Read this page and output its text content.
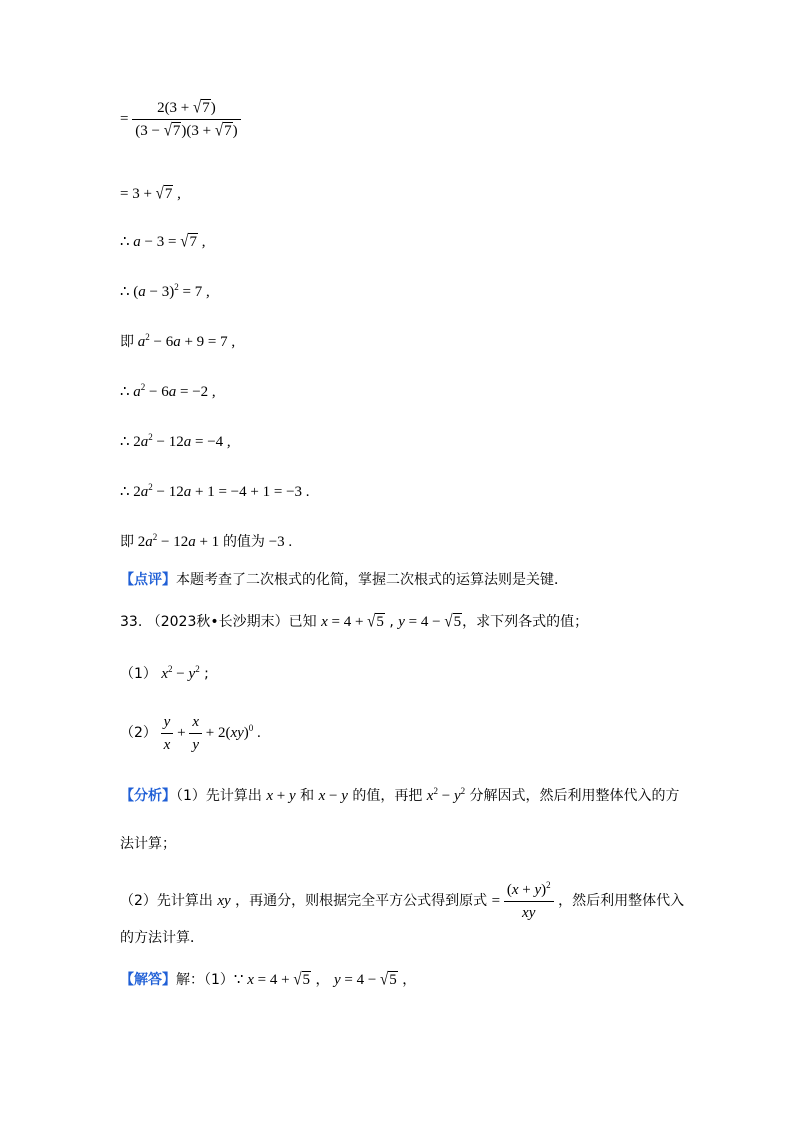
= $\frac{2(3 + √7)}{(3 - √7)(3 + √7)}$
= 3 + √7 ,
∴ a − 3 = √7 ,
∴ $(a - 3)^2 = 7$ ,
即 $a^2 - 6a + 9 = 7$ ,
∴ $a^2 - 6a = -2$ ,
∴ $2a^2 - 12a = -4$ ,
∴ $2a^2 - 12a + 1 = -4 + 1 = -3$ .
即 $2a^2 - 12a + 1$ 的值为 −3 .
【点评】本题考查了二次根式的化简，掌握二次根式的运算法则是关键．
33. （2023秋•长沙期末）已知 x = 4 + √5 , y = 4 − √5，求下列各式的值；
（1） $x^2 - y^2$ ;
$(2) \frac{y}{x} + \frac{x}{y} + 2(xy)^0$ .
【分析】（1）先计算出 x + y 和 x − y 的值，再把 $x^2 - y^2$ 分解因式，然后利用整体代入的方
法计算；
（2）先计算出 xy ，再通分，则根据完全平方公式得到原式 = $\frac{(x + y)^2}{xy}$ ，然后利用整体代入
的方法计算．
【解答】解：（1）∵ x = 4 + √5 ， y = 4 − √5 ，
